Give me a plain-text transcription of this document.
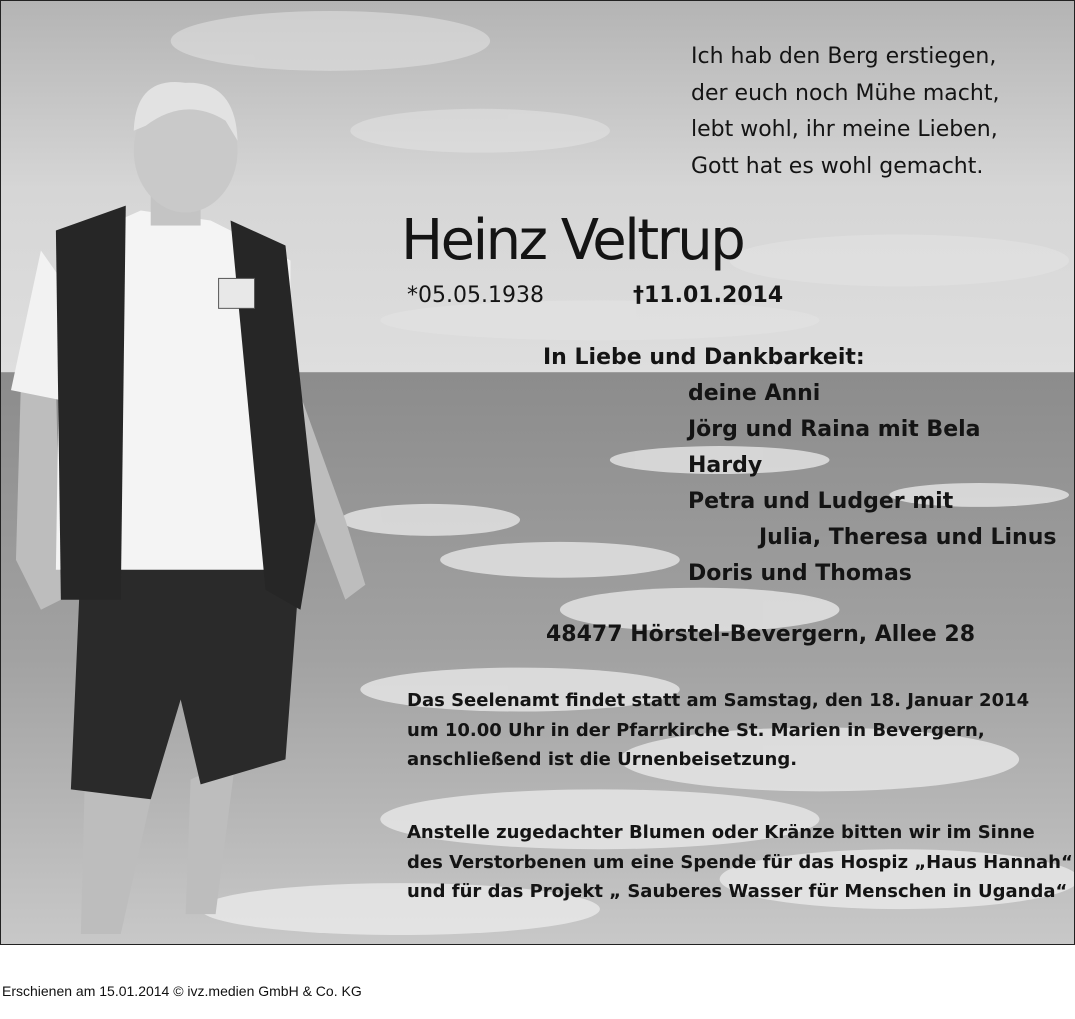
Ich hab den Berg erstiegen,
der euch noch Mühe macht,
lebt wohl, ihr meine Lieben,
Gott hat es wohl gemacht.
Heinz Veltrup
*05.05.1938	†11.01.2014
In Liebe und Dankbarkeit:
deine Anni
Jörg und Raina mit Bela
Hardy
Petra und Ludger mit
Julia, Theresa und Linus
Doris und Thomas
48477 Hörstel-Bevergern, Allee 28
Das Seelenamt findet statt am Samstag, den 18. Januar 2014
um 10.00 Uhr in der Pfarrkirche St. Marien in Bevergern,
anschließend ist die Urnenbeisetzung.
Anstelle zugedachter Blumen oder Kränze bitten wir im Sinne
des Verstorbenen um eine Spende für das Hospiz „Haus Hannah“
und für das Projekt „ Sauberes Wasser für Menschen in Uganda“
Erschienen am 15.01.2014 © ivz.medien GmbH & Co. KG
